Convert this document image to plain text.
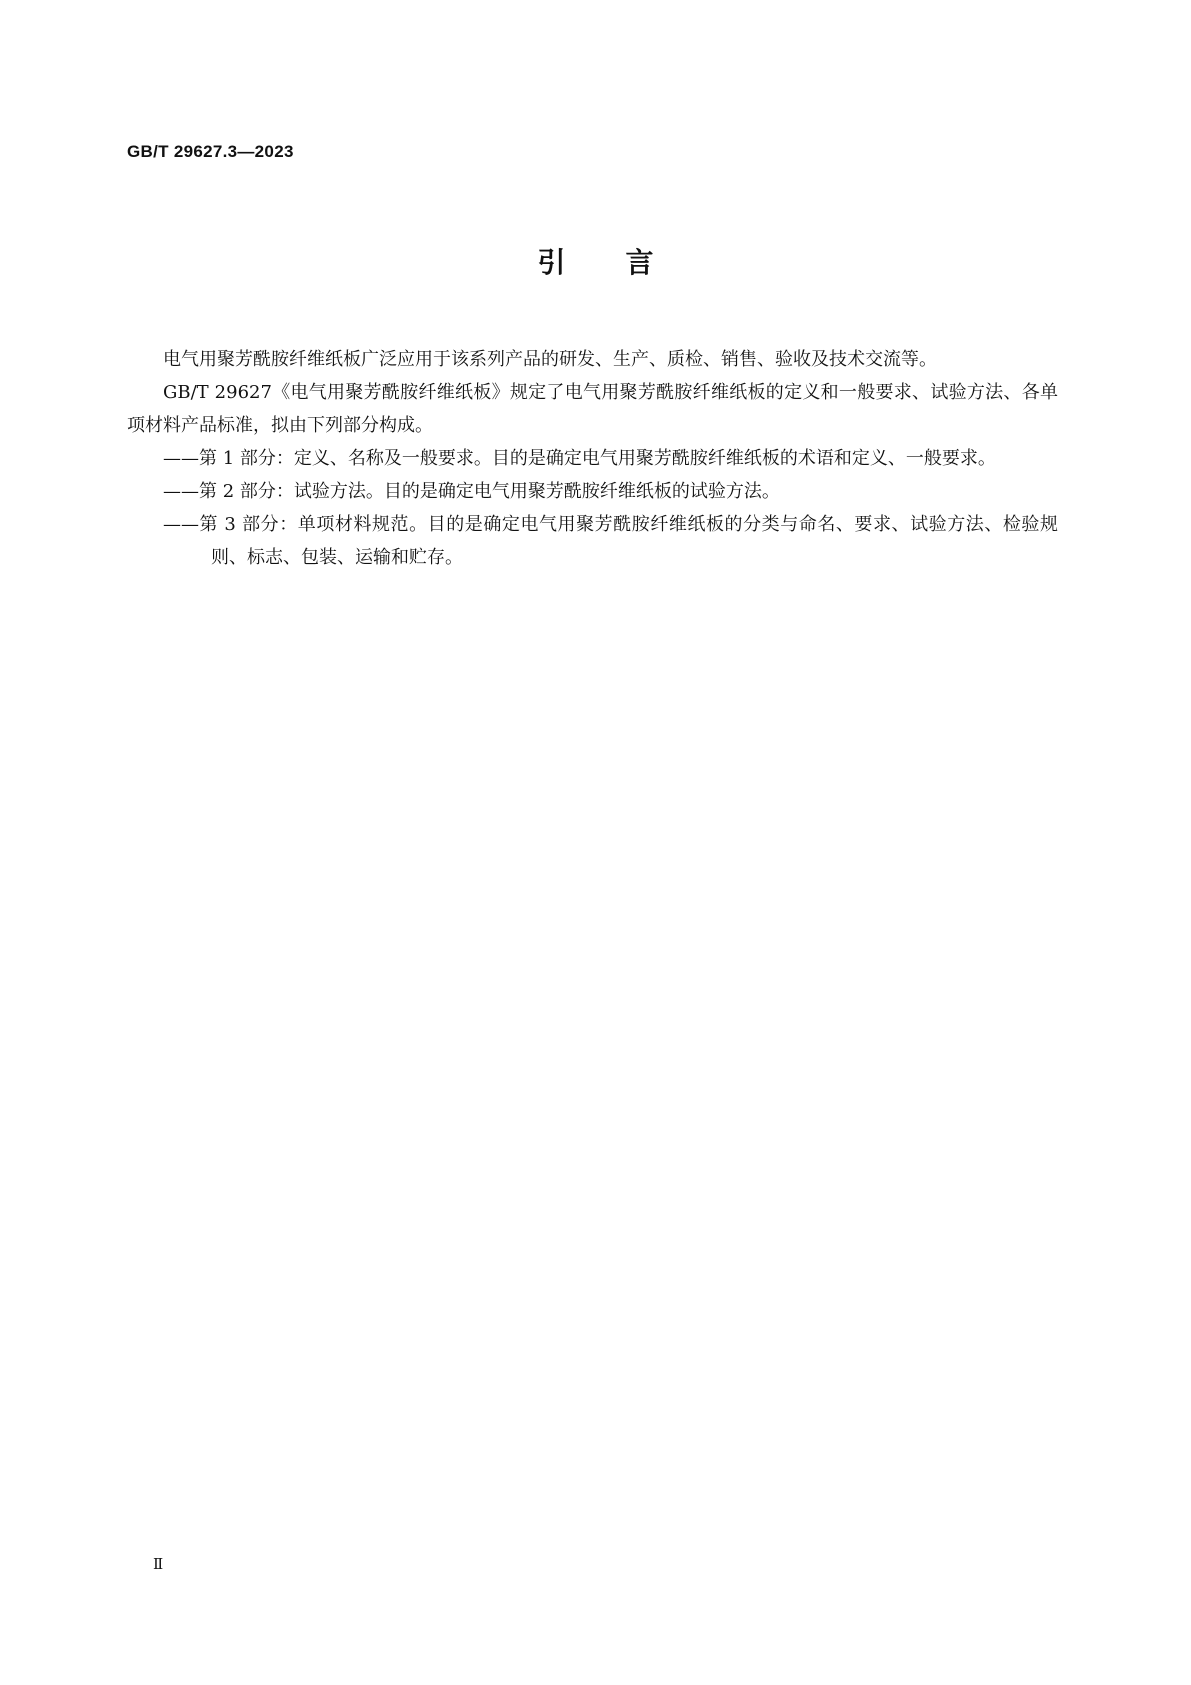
GB/T 29627.3—2023
引 言

电气用聚芳酰胺纤维纸板广泛应用于该系列产品的研发、生产、质检、销售、验收及技术交流等。

GB/T 29627《电气用聚芳酰胺纤维纸板》规定了电气用聚芳酰胺纤维纸板的定义和一般要求、试验方法、各单项材料产品标准，拟由下列部分构成。

——第 1 部分：定义、名称及一般要求。目的是确定电气用聚芳酰胺纤维纸板的术语和定义、一般要求。

——第 2 部分：试验方法。目的是确定电气用聚芳酰胺纤维纸板的试验方法。

——第 3 部分：单项材料规范。目的是确定电气用聚芳酰胺纤维纸板的分类与命名、要求、试验方法、检验规则、标志、包装、运输和贮存。

Ⅱ
